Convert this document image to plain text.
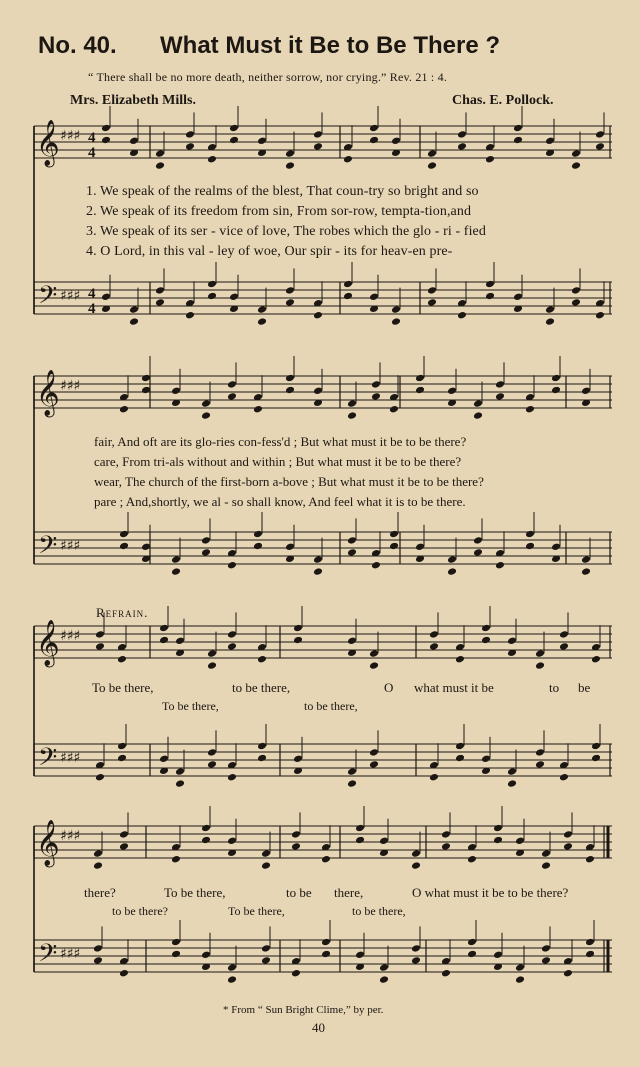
No. 40. What Must it Be to Be There ?
“ There shall be no more death, neither sorrow, nor crying.” Rev. 21 : 4.
Mrs. Elizabeth Mills.	Chas. E. Pollock.
𝄞
𝄢
♯♯♯
♯♯♯
4
4
4
4
𝄞
𝄢
♯♯♯
♯♯♯
𝄞
𝄢
♯♯♯
♯♯♯
𝄞
𝄢
♯♯♯
♯♯♯
1. We speak of the realms of the blest, That coun-try so bright and so
2. We speak of its freedom from sin, From sor-row, tempta-tion,and
3. We speak of its ser - vice of love, The robes which the glo - ri - fied
4. O Lord, in this val - ley of woe, Our spir - its for heav-en pre-
fair, And oft are its glo-ries con-fess'd ; But what must it be to be there?
care, From tri-als without and within ; But what must it be to be there?
wear, The church of the first-born a-bove ; But what must it be to be there?
pare ; And,shortly, we al - so shall know, And feel what it is to be there.
Refrain.
To be there,	to be there,	O what must it be	to be
To be there,	to be there,
there?	To be there,	to be there,	O what must it be to be there?
to be there?	To be there,	to be there,
* From “ Sun Bright Clime,” by per.
40
